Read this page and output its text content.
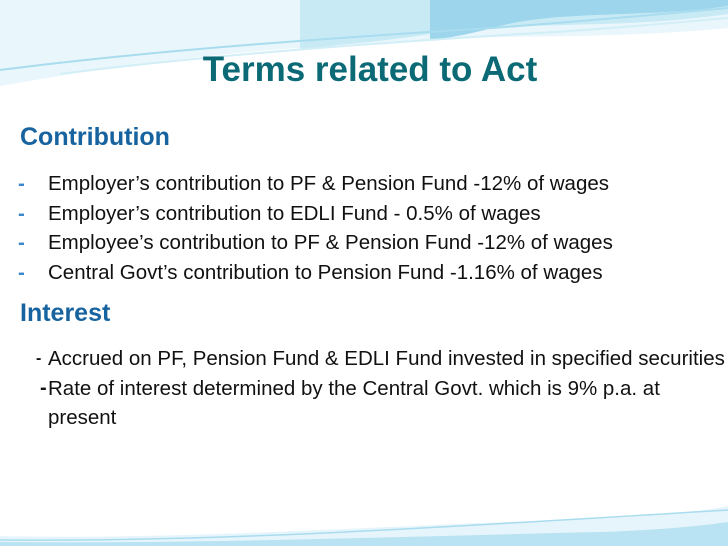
Terms related to Act
Contribution
- Employer’s contribution to PF & Pension Fund -12% of wages
- Employer’s contribution to EDLI Fund - 0.5% of wages
- Employee’s contribution to PF & Pension Fund -12% of wages
- Central Govt’s contribution to Pension Fund -1.16% of wages
Interest
- Accrued on PF, Pension Fund & EDLI Fund invested in specified securities
- Rate of interest determined by the Central Govt. which is 9% p.a. at present
